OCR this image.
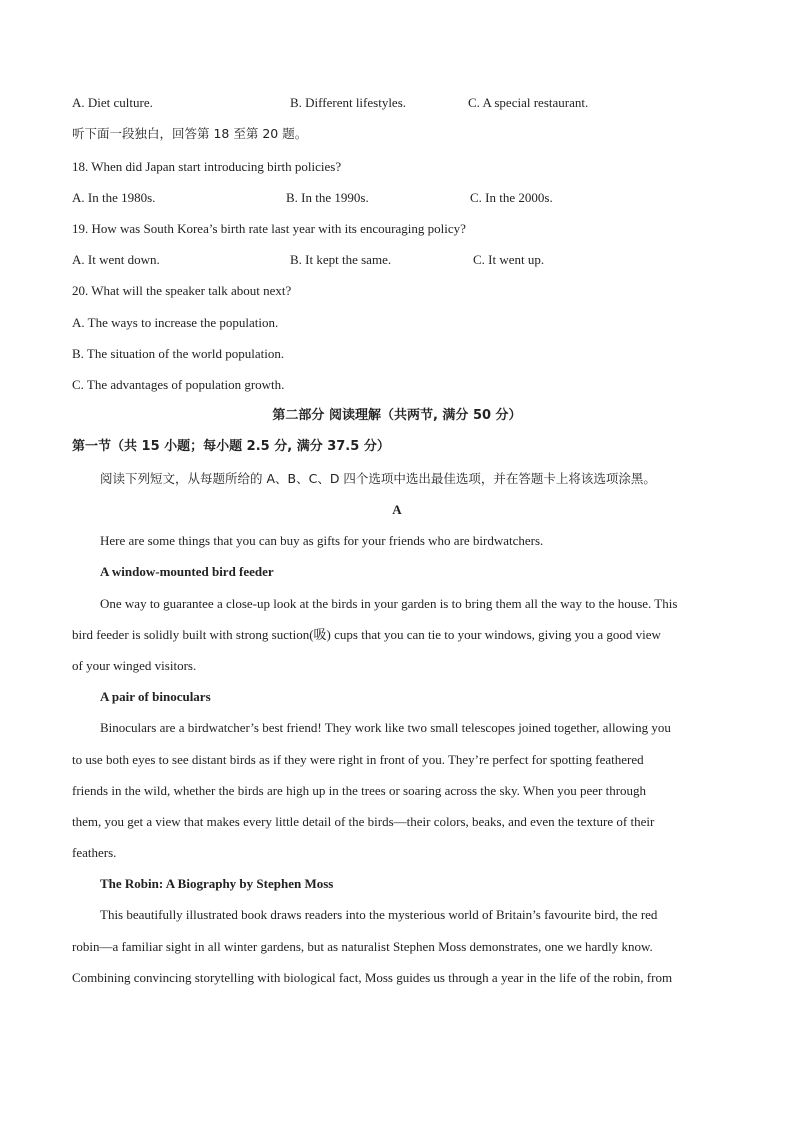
A. Diet culture.	B. Different lifestyles.	C. A special restaurant.
听下面一段独白，回答第 18 至第 20 题。
18. When did Japan start introducing birth policies?
A. In the 1980s.	B. In the 1990s.	C. In the 2000s.
19. How was South Korea’s birth rate last year with its encouraging policy?
A. It went down.	B. It kept the same.	C. It went up.
20. What will the speaker talk about next?
A. The ways to increase the population.
B. The situation of the world population.
C. The advantages of population growth.
第二部分 阅读理解（共两节, 满分 50 分）
第一节（共 15 小题；每小题 2.5 分, 满分 37.5 分）
阅读下列短文，从每题所给的 A、B、C、D 四个选项中选出最佳选项，并在答题卡上将该选项涂黑。
A
Here are some things that you can buy as gifts for your friends who are birdwatchers.
A window-mounted bird feeder
One way to guarantee a close-up look at the birds in your garden is to bring them all the way to the house. This
bird feeder is solidly built with strong suction(吸) cups that you can tie to your windows, giving you a good view
of your winged visitors.
A pair of binoculars
Binoculars are a birdwatcher’s best friend! They work like two small telescopes joined together, allowing you
to use both eyes to see distant birds as if they were right in front of you. They’re perfect for spotting feathered
friends in the wild, whether the birds are high up in the trees or soaring across the sky. When you peer through
them, you get a view that makes every little detail of the birds—their colors, beaks, and even the texture of their
feathers.
The Robin: A Biography by Stephen Moss
This beautifully illustrated book draws readers into the mysterious world of Britain’s favourite bird, the red
robin—a familiar sight in all winter gardens, but as naturalist Stephen Moss demonstrates, one we hardly know.
Combining convincing storytelling with biological fact, Moss guides us through a year in the life of the robin, from
